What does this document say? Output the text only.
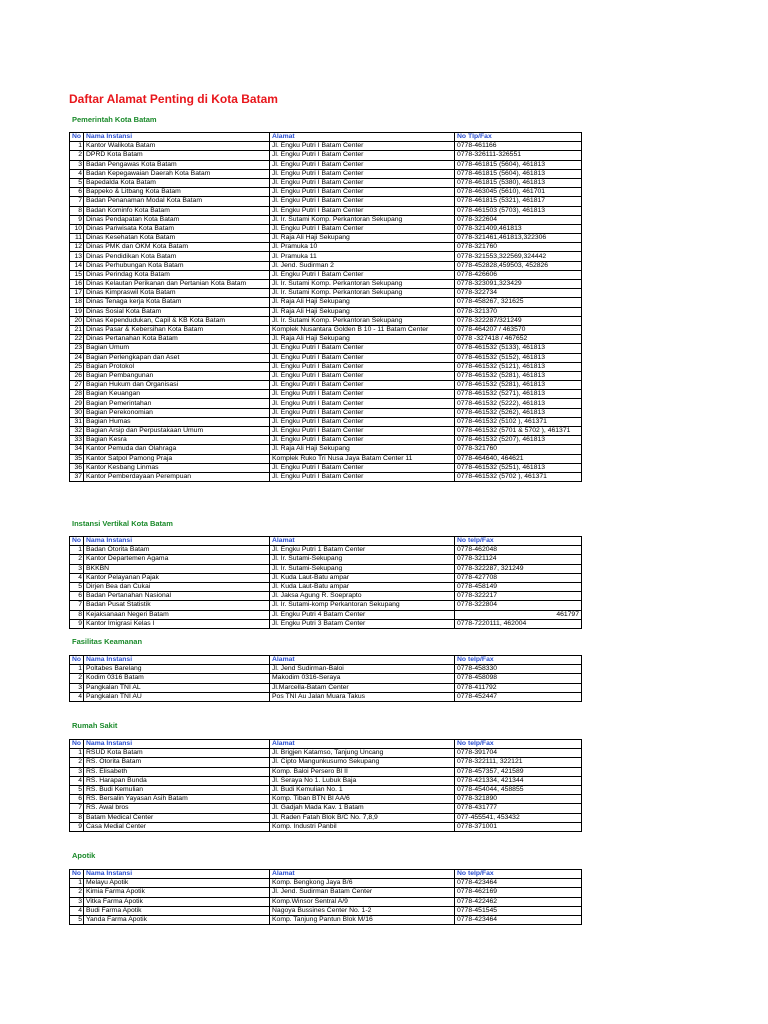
Daftar Alamat Penting di Kota Batam
Pemerintah Kota Batam
No	Nama Instansi	Alamat	No Tlp/Fax
1	Kantor Walikota Batam	Jl. Engku Putri I Batam Center	0778-461166
2	DPRD Kota Batam	Jl. Engku Putri I Batam Center	0778-326111-326551
3	Badan Pengawas Kota Batam	Jl. Engku Putri I Batam Center	0778-461815 (5604), 461813
4	Badan Kepegawaian Daerah Kota Batam	Jl. Engku Putri I Batam Center	0778-461815 (5604), 461813
5	Bapedalda Kota Batam	Jl. Engku Putri I Batam Center	0778-461815 (5380), 461813
6	Bappeko & Litbang Kota Batam	Jl. Engku Putri I Batam Center	0778-463045 (5610), 461701
7	Badan Penanaman Modal Kota Batam	Jl. Engku Putri I Batam Center	0778-461815 (5321), 461817
8	Badan Kominfo Kota Batam	Jl. Engku Putri I Batam Center	0778-461503 (5703), 461813
9	Dinas Pendapatan Kota Batam	Jl. Ir. Sutami Komp. Perkantoran Sekupang	0778-322604
10	Dinas Pariwisata Kota Batam	Jl. Engku Putri I Batam Center	0778-321409,461813
11	Dinas Kesehatan Kota Batam	Jl. Raja Ali Haji Sekupang	0778-321461,461813,322306
12	Dinas PMK dan OKM Kota Batam	Jl. Pramuka 10	0778-321760
13	Dinas Pendidikan Kota Batam	Jl. Pramuka 11	0778-321553,322569,324442
14	Dinas Perhubungan Kota Batam	Jl. Jend. Sudirman 2	0778-452828,459503, 452826
15	Dinas Perindag Kota Batam	Jl. Engku Putri I Batam Center	0778-426606
16	Dinas Kelautan Perikanan dan Pertanian Kota Batam	Jl. Ir. Sutami Komp. Perkantoran Sekupang	0778-323091,323429
17	Dinas Kimpraswil Kota Batam	Jl. Ir. Sutami Komp. Perkantoran Sekupang	0778-322734
18	Dinas Tenaga kerja Kota Batam	Jl. Raja Ali Haji Sekupang	0778-458267, 321625
19	Dinas Sosial Kota Batam	Jl. Raja Ali Haji Sekupang	0778-321370
20	Dinas Kependudukan, Capil & KB Kota Batam	Jl. Ir. Sutami Komp. Perkantoran Sekupang	0778-322287/321249
21	Dinas Pasar & Kebersihan Kota Batam	Komplek Nusantara Golden B 10 - 11 Batam Center	0778-464207 / 463570
22	Dinas Pertanahan Kota Batam	Jl. Raja Ali Haji Sekupang	0778 -327418 / 467652
23	Bagian Umum	Jl. Engku Putri I Batam Center	0778-461532 (5133), 461813
24	Bagian Perlengkapan dan Aset	Jl. Engku Putri I Batam Center	0778-461532 (5152), 461813
25	Bagian Protokol	Jl. Engku Putri I Batam Center	0778-461532 (5121), 461813
26	Bagian Pembangunan	Jl. Engku Putri I Batam Center	0778-461532 (5281), 461813
27	Bagian Hukum dan Organisasi	Jl. Engku Putri I Batam Center	0778-461532 (5281), 461813
28	Bagian Keuangan	Jl. Engku Putri I Batam Center	0778-461532 (5271), 461813
29	Bagian Pemerintahan	Jl. Engku Putri I Batam Center	0778-461532 (5222), 461813
30	Bagian Perekonomian	Jl. Engku Putri I Batam Center	0778-461532 (5262), 461813
31	Bagian Humas	Jl. Engku Putri I Batam Center	0778-461532 (5102 ), 461371
32	Bagian Arsip dan Perpustakaan Umum	Jl. Engku Putri I Batam Center	0778-461532 (5701 & 5702 ), 461371
33	Bagian Kesra	Jl. Engku Putri I Batam Center	0778-461532 (5207), 461813
34	Kantor Pemuda dan Olahraga	Jl. Raja Ali Haji Sekupang	0778-321760
35	Kantor Satpol Pamong Praja	Komplek Ruko Tri Nusa Jaya Batam Center 11	0778-464640, 464621
36	Kantor Kesbang Linmas	Jl. Engku Putri I Batam Center	0778-461532 (5251), 461813
37	Kantor Pemberdayaan Perempuan	Jl. Engku Putri I Batam Center	0778-461532 (5702 ), 461371
Instansi Vertikal Kota Batam
No	Nama Instansi	Alamat	No telp/Fax
1	Badan Otorita Batam	Jl. Engku Putri 1 Batam Center	0778-462048
2	Kantor Departemen Agama	Jl. Ir. Sutami-Sekupang	0778-321124
3	BKKBN	Jl. Ir. Sutami-Sekupang	0778-322287, 321249
4	Kantor Pelayanan Pajak	Jl. Kuda Laut-Batu ampar	0778-427708
5	Dirjen Bea dan Cukai	Jl. Kuda Laut-Batu ampar	0778-458149
6	Badan Pertanahan Nasional	Jl. Jaksa Agung R. Soeprapto	0778-322217
7	Badan Pusat Statistik	Jl. Ir. Sutami-komp Perkantoran Sekupang	0778-322804
8	Kejaksanaan Negeri Batam	Jl. Engku Putri 4 Batam Center	461797
9	Kantor Imigrasi Kelas I	Jl. Engku Putri 3 Batam Center	0778-7220111, 462004
Fasilitas Keamanan
No	Nama Instansi	Alamat	No telp/Fax
1	Poltabes Barelang	Jl. Jend Sudirman-Baloi	0778-458330
2	Kodim 0316 Batam	Makodim 0316-Seraya	0778-458098
3	Pangkalan TNI AL	Jl.Marcella-Batam Center	0778-411792
4	Pangkalan TNI AU	Pos TNI Au Jalan Muara Takus	0778-452447
Rumah Sakit
No	Nama Instansi	Alamat	No telp/Fax
1	RSUD Kota Batam	Jl. Brigjen Katamso, Tanjung Uncang	0778-391704
2	RS. Otorita Batam	Jl. Cipto Mangunkusumo Sekupang	0778-322111, 322121
3	RS. Elisabeth	Komp. Baloi Persero Bl II	0778-457357, 421589
4	RS. Harapan Bunda	Jl. Seraya No 1. Lubuk Baja	0778-421334, 421344
5	RS. Budi Kemulian	Jl. Budi Kemulian No. 1	0778-454044, 458855
6	RS. Bersalin Yayasan Asih Batam	Komp. Tiban BTN Bl AA/6	0778-321890
7	RS. Awal bros	Jl. Gadjah Mada Kav. 1 Batam	0778-431777
8	Batam Medical Center	Jl. Raden Fatah Blok B/C No. 7,8,9	077-455541, 453432
9	Casa Medial Center	Komp. Industri Panbil	0778-371001
Apotik
No	Nama Instansi	Alamat	No telp/Fax
1	Melayu Apotik	Komp. Bengkong Jaya B/6	0778-423464
2	Kimia Farma Apotik	Jl. Jend. Sudirman Batam Center	0778-462169
3	Vitka Farma Apotik	Komp.Winsor Sentral A/9	0778-422462
4	Budi Farma Apotik	Nagoya Bussines Center No. 1-2	0778-451545
5	Yanda Farma Apotik	Komp. Tanjung Pantun Blok M/16	0778-423464
